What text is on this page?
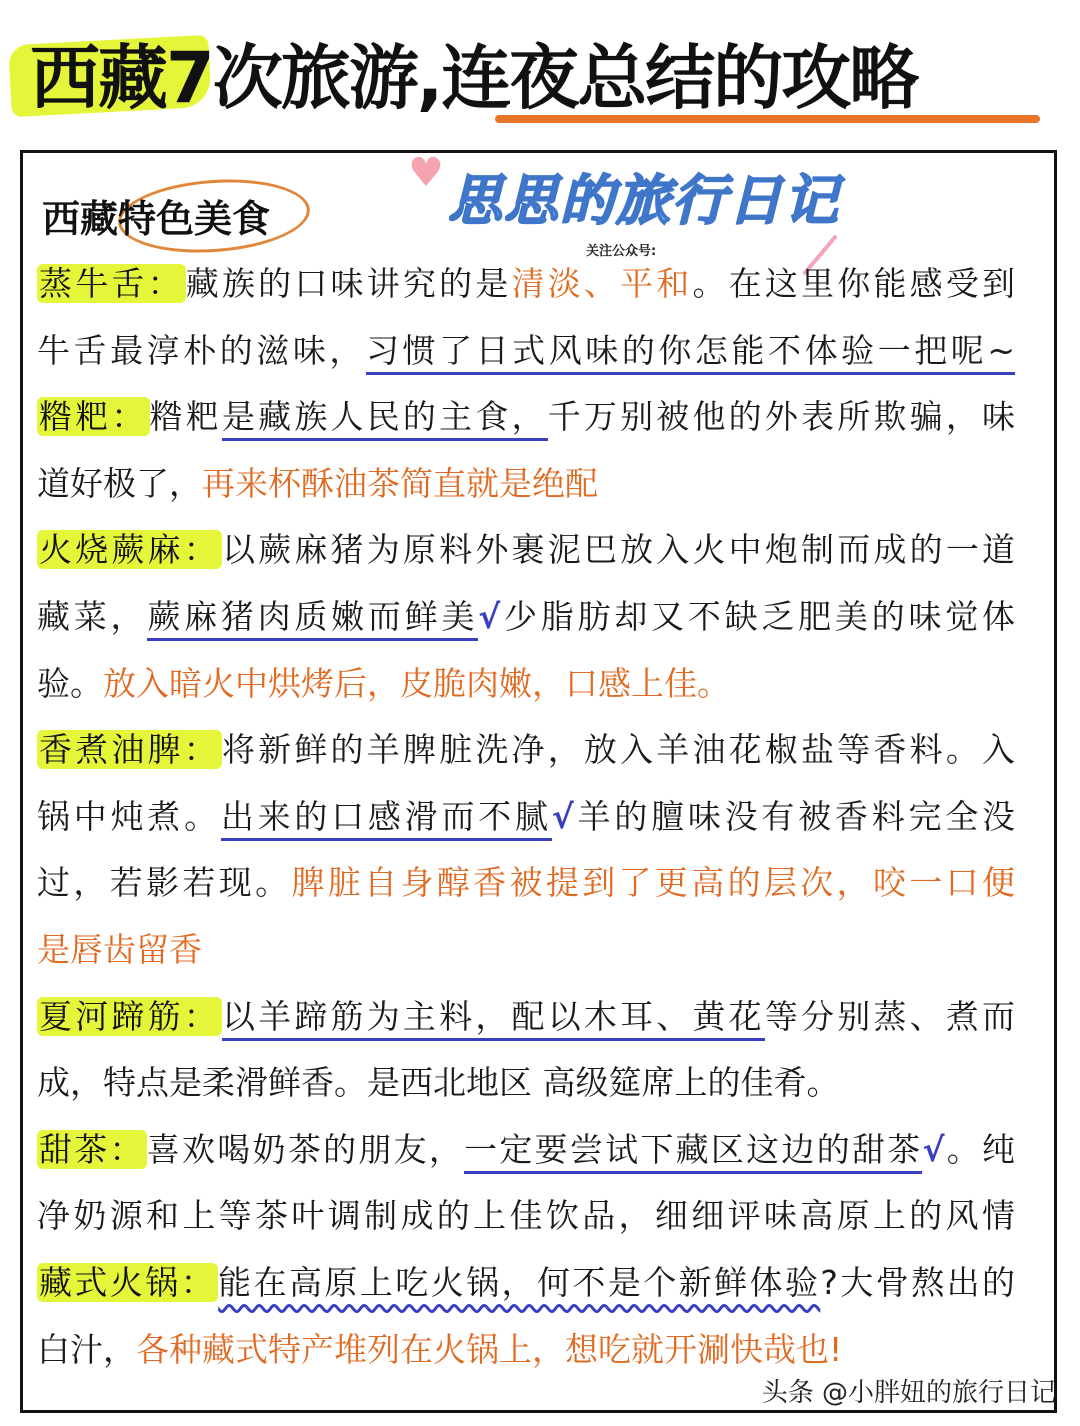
西藏7次旅游,连夜总结的攻略
西藏特色美食
♥ 思思的旅行日记
关注公众号:
蒸牛舌：藏族的口味讲究的是清淡、平和。在这里你能感受到
牛舌最淳朴的滋味，习惯了日式风味的你怎能不体验一把呢~
糌粑：糌粑是藏族人民的主食，千万别被他的外表所欺骗，味
道好极了，再来杯酥油茶简直就是绝配
火烧蕨麻：以蕨麻猪为原料外裹泥巴放入火中炮制而成的一道
藏菜，蕨麻猪肉质嫩而鲜美√少脂肪却又不缺乏肥美的味觉体
验。放入暗火中烘烤后，皮脆肉嫩，口感上佳。
香煮油脾：将新鲜的羊脾脏洗净，放入羊油花椒盐等香料。入
锅中炖煮。出来的口感滑而不腻√羊的膻味没有被香料完全没
过，若影若现。脾脏自身醇香被提到了更高的层次，咬一口便
是唇齿留香
夏河蹄筋：以羊蹄筋为主料，配以木耳、黄花等分别蒸、煮而
成，特点是柔滑鲜香。是西北地区 高级筵席上的佳肴。
甜茶：喜欢喝奶茶的朋友，一定要尝试下藏区这边的甜茶√。纯
净奶源和上等茶叶调制成的上佳饮品，细细评味高原上的风情
藏式火锅：能在高原上吃火锅，何不是个新鲜体验?大骨熬出的
白汁，各种藏式特产堆列在火锅上，想吃就开涮快哉也!
头条 @小胖妞的旅行日记
